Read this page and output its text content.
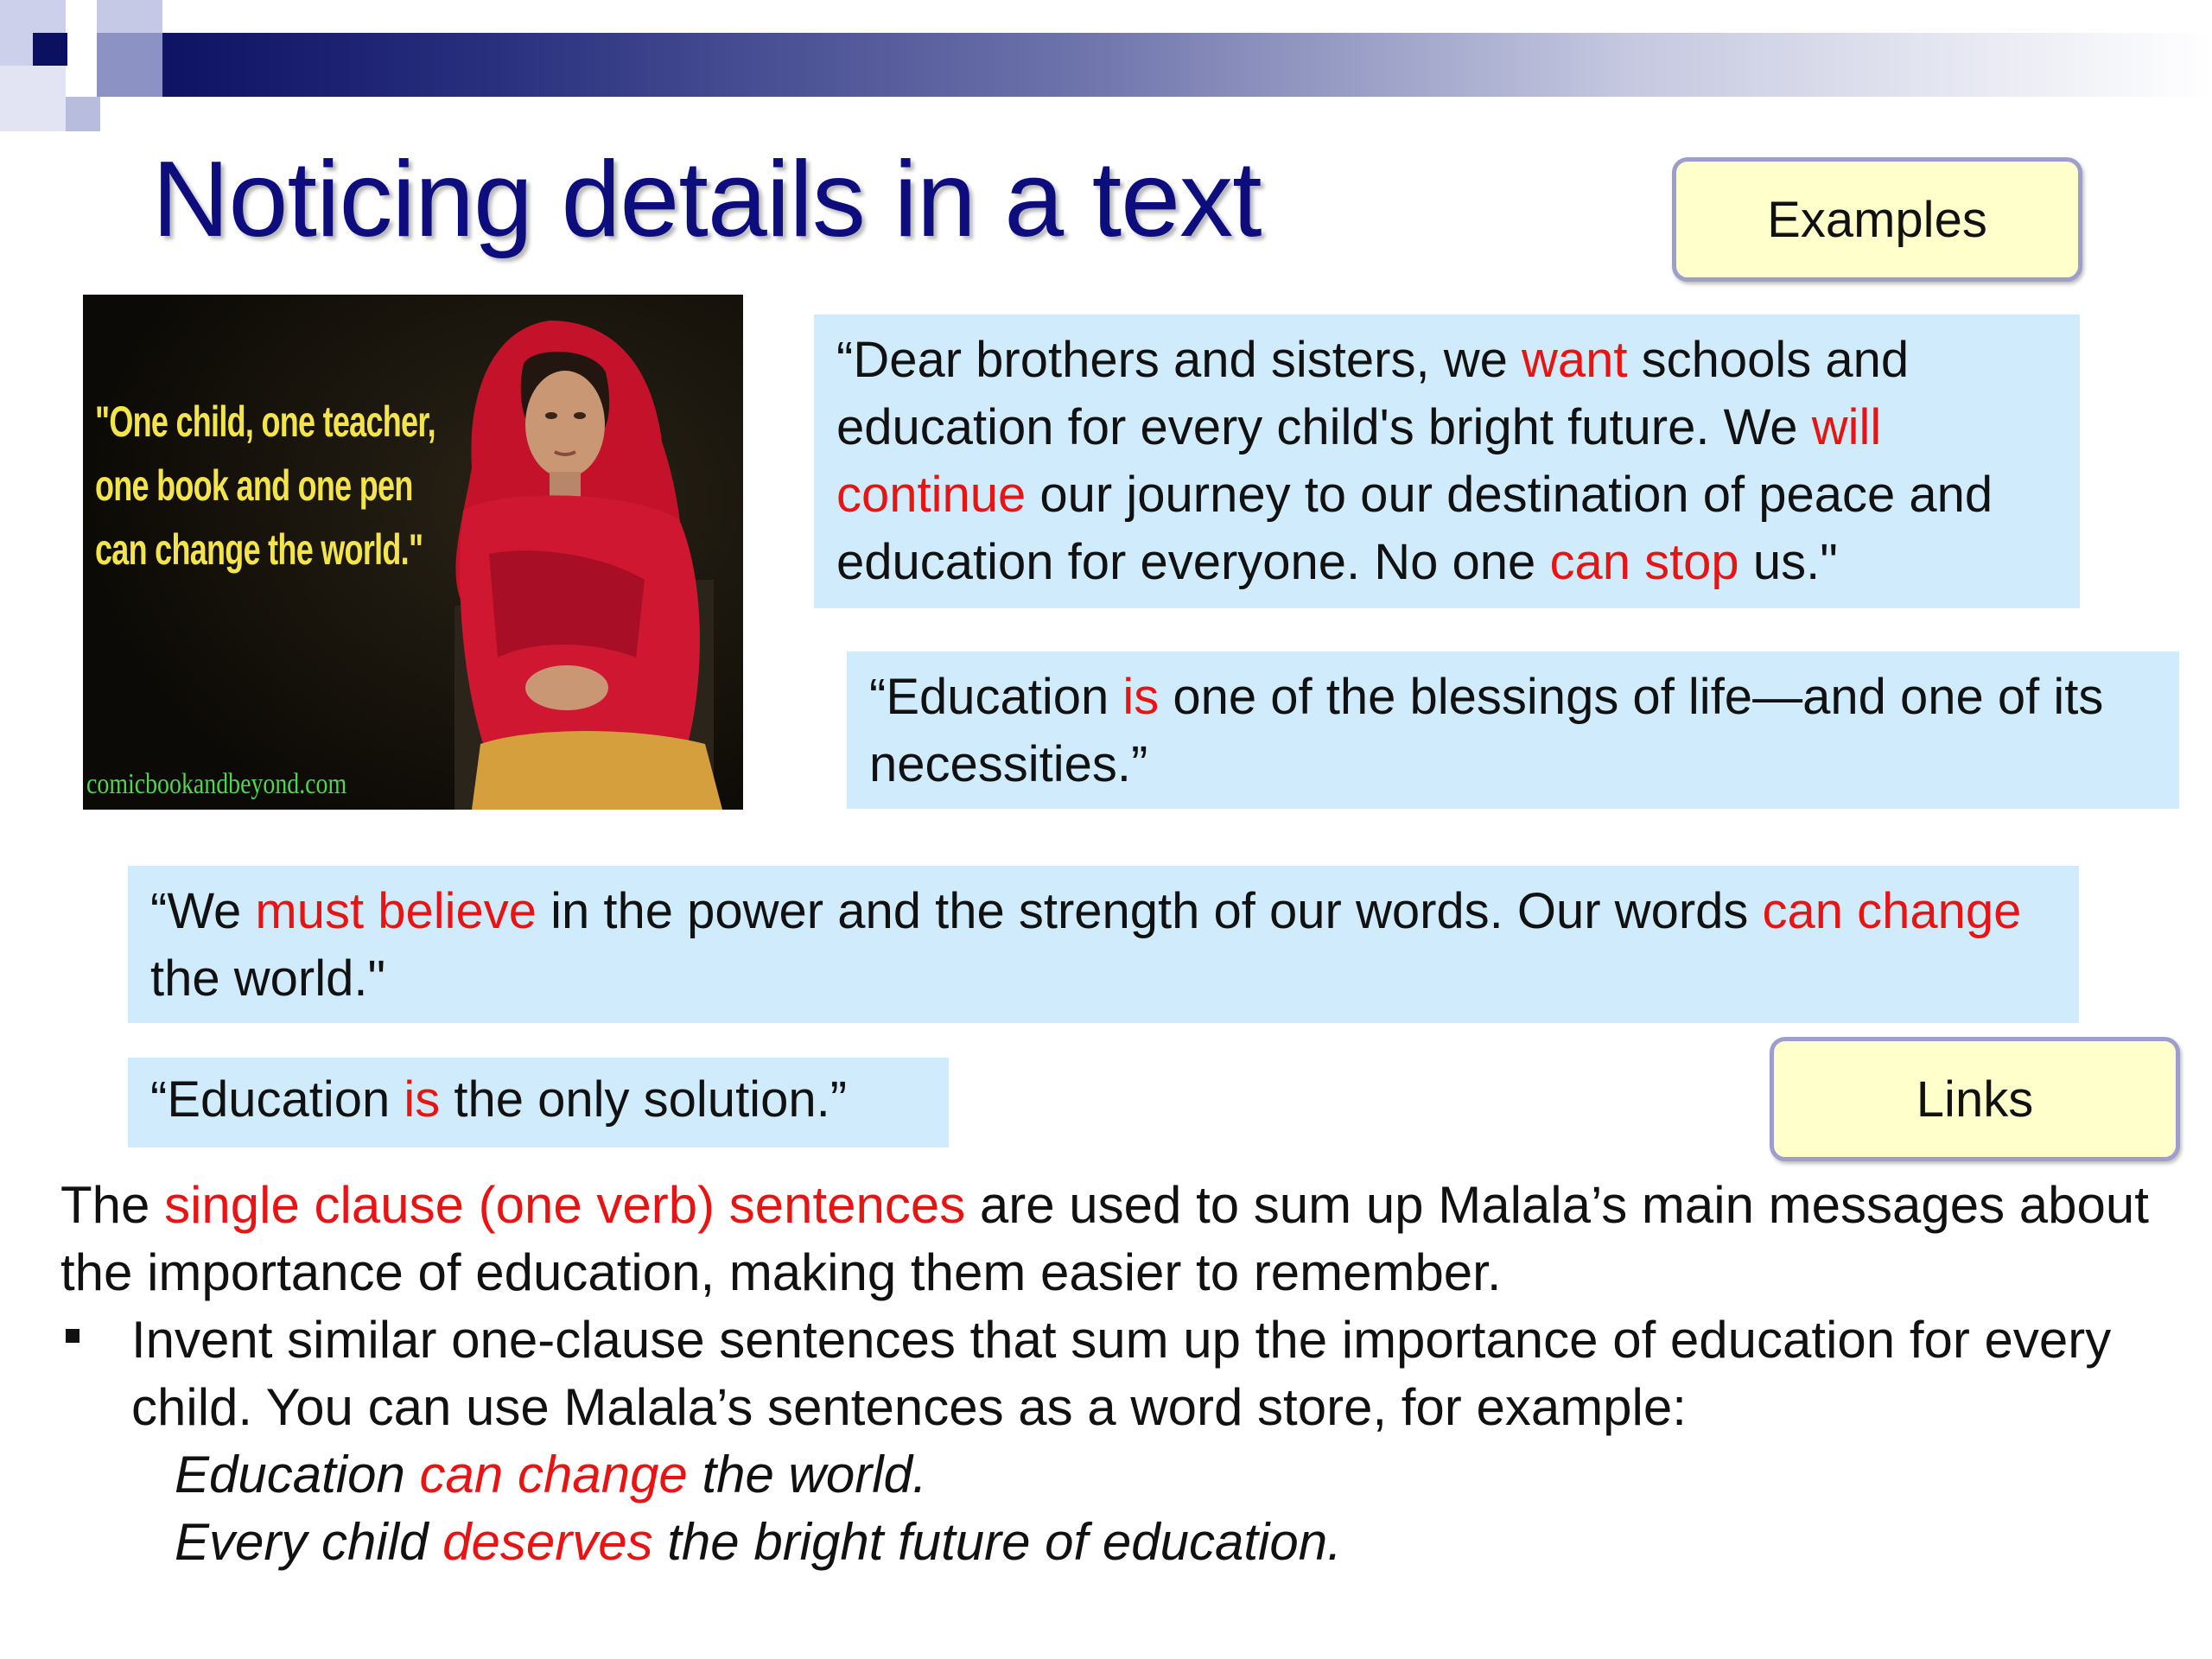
Noticing details in a text	Examples

"One child, one teacher,
one book and one pen
can change the world."

comicbookandbeyond.com

“Dear brothers and sisters, we want schools and education for every child's bright future. We will continue our journey to our destination of peace and education for everyone. No one can stop us."

“Education is one of the blessings of life—and one of its necessities.”

“We must believe in the power and the strength of our words. Our words can change the world."

“Education is the only solution.”	Links

The single clause (one verb) sentences are used to sum up Malala’s main messages about the importance of education, making them easier to remember.

Invent similar one-clause sentences that sum up the importance of education for every child. You can use Malala’s sentences as a word store, for example:

Education can change the world.

Every child deserves the bright future of education.
